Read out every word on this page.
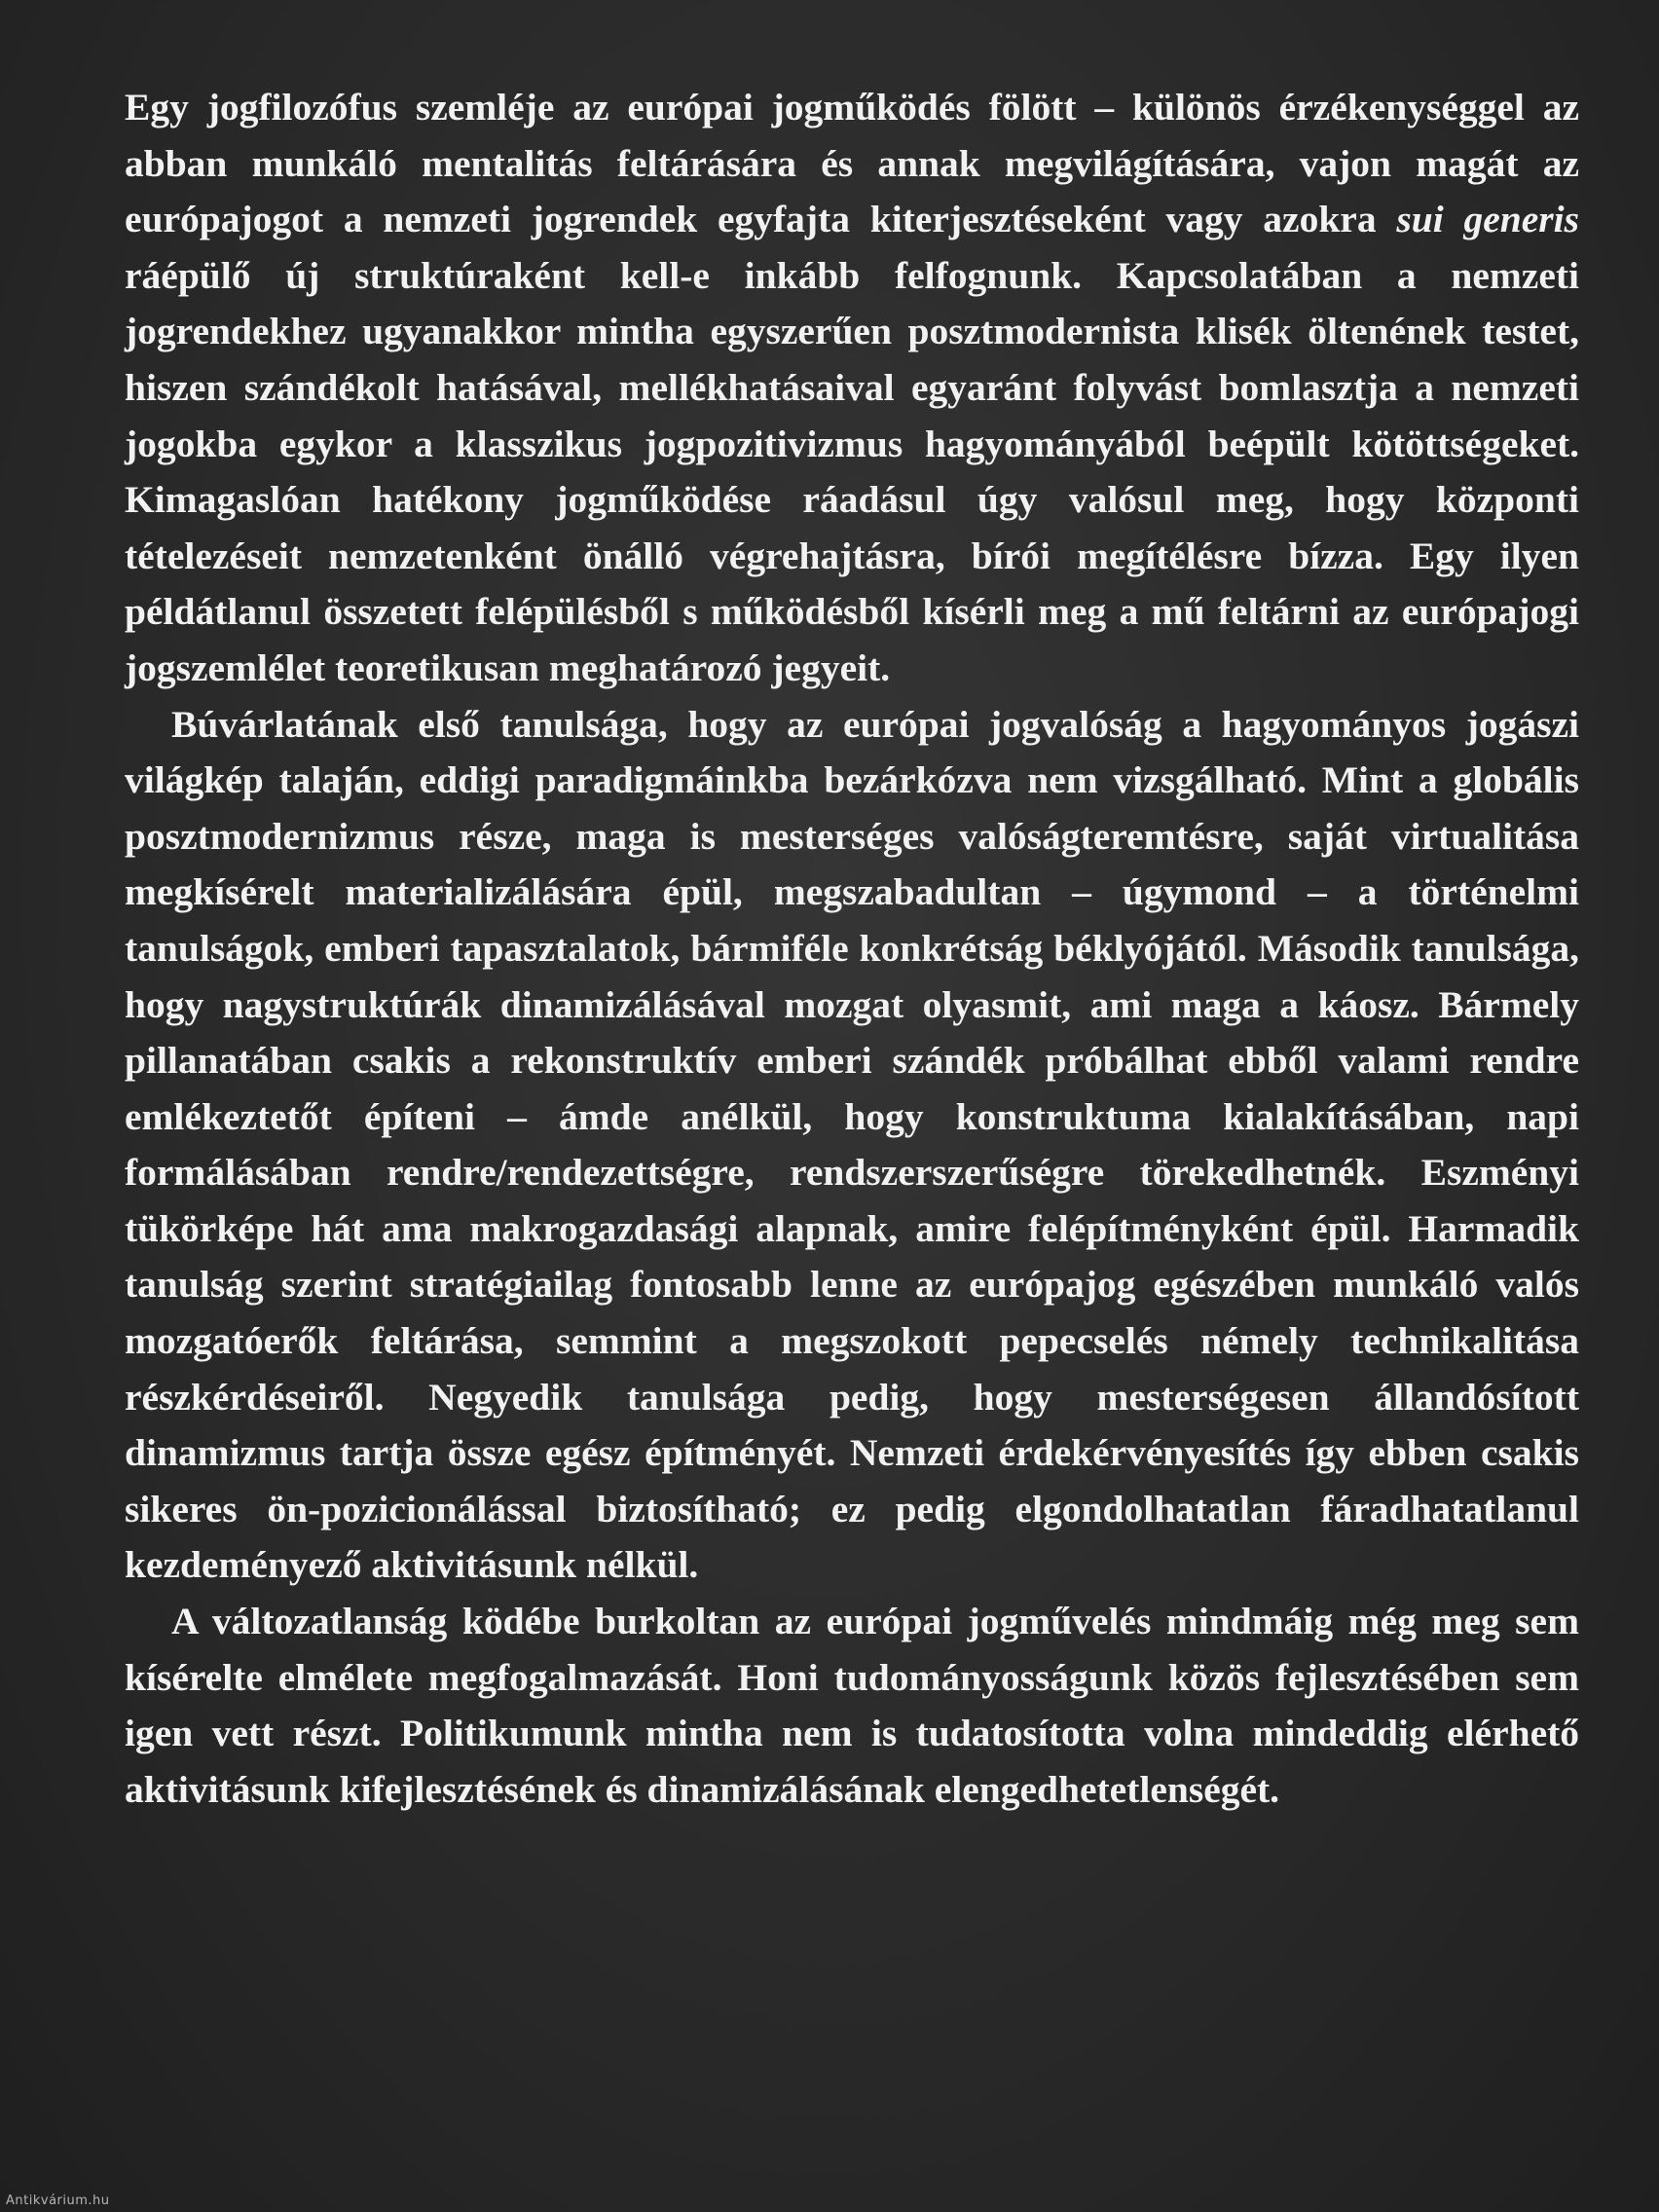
Egy jogfilozófus szemléje az európai jogműködés fölött – különös érzékenységgel az abban munkáló mentalitás feltárására és annak megvilágítására, vajon magát az európajogot a nemzeti jogrendek egyfajta kiterjesztéseként vagy azokra sui generis ráépülő új struktúraként kell-e inkább felfognunk. Kapcsolatában a nemzeti jogrendekhez ugyanakkor mintha egyszerűen posztmodernista klisék öltenének testet, hiszen szándékolt hatásával, mellékhatásaival egyaránt folyvást bomlasztja a nemzeti jogokba egykor a klasszikus jogpozitivizmus hagyományából beépült kötöttségeket. Kimagaslóan hatékony jogműködése ráadásul úgy valósul meg, hogy központi tételezéseit nemzetenként önálló végrehajtásra, bírói megítélésre bízza. Egy ilyen példátlanul összetett felépülésből s működésből kísérli meg a mű feltárni az európajogi jogszemlélet teoretikusan meghatározó jegyeit.

Búvárlatának első tanulsága, hogy az európai jogvalóság a hagyományos jogászi világkép talaján, eddigi paradigmáinkba bezárkózva nem vizsgálható. Mint a globális posztmodernizmus része, maga is mesterséges valóságteremtésre, saját virtualitása megkísérelt materializálására épül, megszabadultan – úgymond – a történelmi tanulságok, emberi tapasztalatok, bármiféle konkrétság béklyójától. Második tanulsága, hogy nagystruktúrák dinamizálásával mozgat olyasmit, ami maga a káosz. Bármely pillanatában csakis a rekonstruktív emberi szándék próbálhat ebből valami rendre emlékeztetőt építeni – ámde anélkül, hogy konstruktuma kialakításában, napi formálásában rendre/rendezettségre, rendszerszerűségre törekedhetnék. Eszményi tükörképe hát ama makrogazdasági alapnak, amire felépítményként épül. Harmadik tanulság szerint stratégiailag fontosabb lenne az európajog egészében munkáló valós mozgatóerők feltárása, semmint a megszokott pepecselés némely technikalitása részkérdéseiről. Negyedik tanulsága pedig, hogy mesterségesen állandósított dinamizmus tartja össze egész építményét. Nemzeti érdekérvényesítés így ebben csakis sikeres ön-pozicionálással biztosítható; ez pedig elgondolhatatlan fáradhatatlanul kezdeményező aktivitásunk nélkül.

A változatlanság ködébe burkoltan az európai jogművelés mindmáig még meg sem kísérelte elmélete megfogalmazását. Honi tudományosságunk közös fejlesztésében sem igen vett részt. Politikumunk mintha nem is tudatosította volna mindeddig elérhető aktivitásunk kifejlesztésének és dinamizálásának elengedhetetlenségét.

Antikvárium.hu
